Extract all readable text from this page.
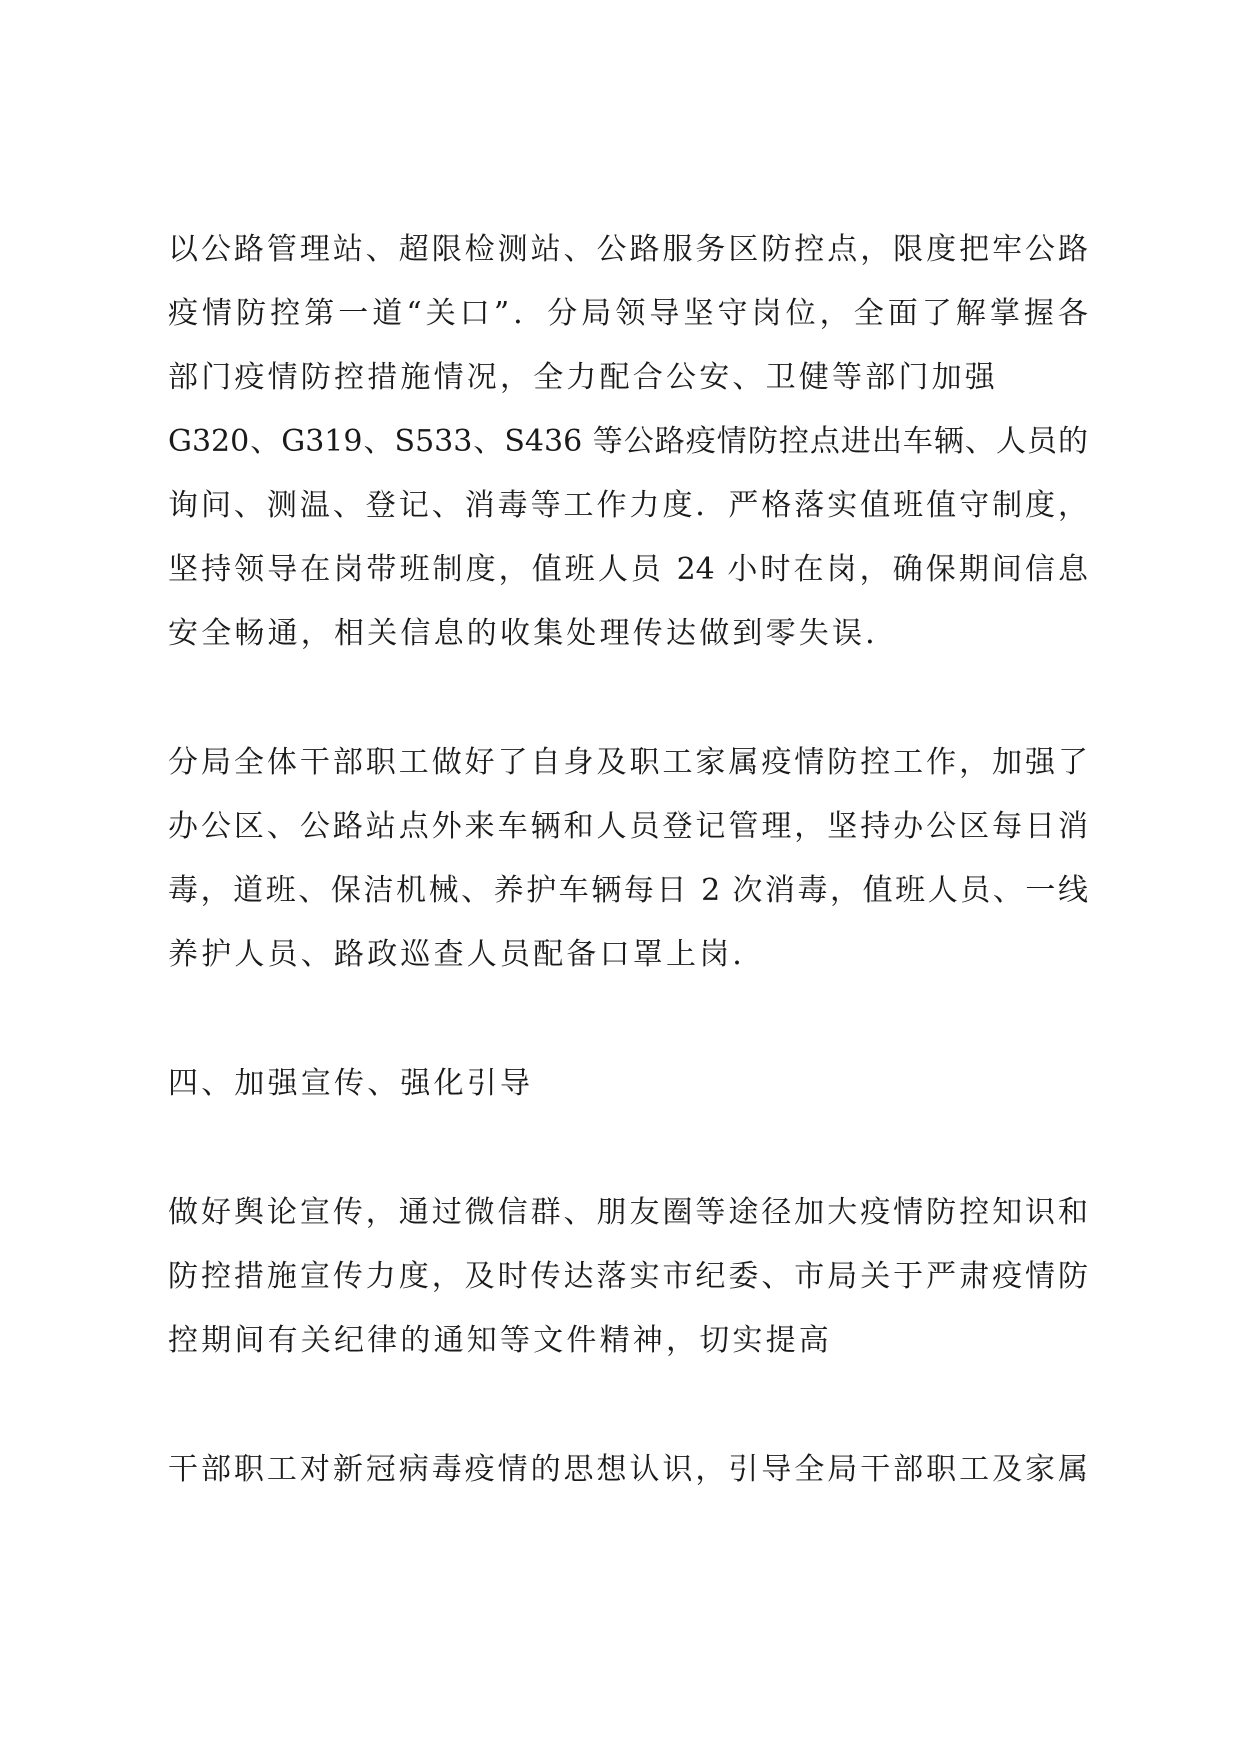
以公路管理站、超限检测站、公路服务区防控点，限度把牢公路
疫情防控第一道“关口”．分局领导坚守岗位，全面了解掌握各
部门疫情防控措施情况，全力配合公安、卫健等部门加强
G320、G319、S533、S436 等公路疫情防控点进出车辆、人员的
询问、测温、登记、消毒等工作力度．严格落实值班值守制度，
坚持领导在岗带班制度，值班人员 24 小时在岗，确保期间信息
安全畅通，相关信息的收集处理传达做到零失误．
分局全体干部职工做好了自身及职工家属疫情防控工作，加强了
办公区、公路站点外来车辆和人员登记管理，坚持办公区每日消
毒，道班、保洁机械、养护车辆每日 2 次消毒，值班人员、一线
养护人员、路政巡查人员配备口罩上岗．
四、加强宣传、强化引导
做好舆论宣传，通过微信群、朋友圈等途径加大疫情防控知识和
防控措施宣传力度，及时传达落实市纪委、市局关于严肃疫情防
控期间有关纪律的通知等文件精神，切实提高
干部职工对新冠病毒疫情的思想认识，引导全局干部职工及家属
